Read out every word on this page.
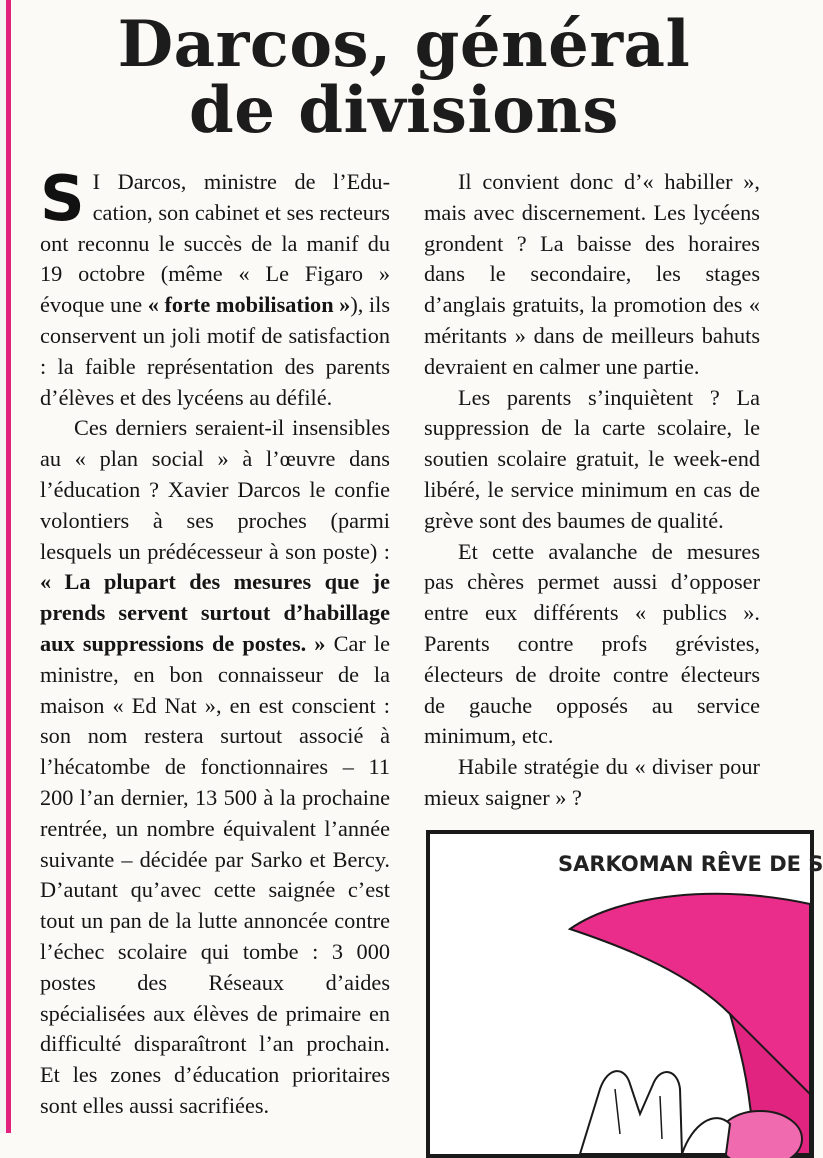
Darcos, général
de divisions

S I Darcos, ministre de l’Education, son cabinet et ses recteurs ont reconnu le succès de la manif du 19 octobre (même « Le Figaro » évoque une « forte mobilisation »), ils conservent un joli motif de satisfaction : la faible représentation des parents d’élèves et des lycéens au défilé.

Ces derniers seraient-il insensibles au « plan social » à l’œuvre dans l’éducation ? Xavier Darcos le confie volontiers à ses proches (parmi lesquels un prédécesseur à son poste) : « La plupart des mesures que je prends servent surtout d’habillage aux suppressions de postes. » Car le ministre, en bon connaisseur de la maison « Ed Nat », en est conscient : son nom restera surtout associé à l’hécatombe de fonctionnaires – 11 200 l’an dernier, 13 500 à la prochaine rentrée, un nombre équivalent l’année suivante – décidée par Sarko et Bercy. D’autant qu’avec cette saignée c’est tout un pan de la lutte annoncée contre l’échec scolaire qui tombe : 3 000 postes des Réseaux d’aides spécialisées aux élèves de primaire en difficulté disparaîtront l’an prochain. Et les zones d’éducation prioritaires sont elles aussi sacrifiées.

Il convient donc d’« habiller », mais avec discernement. Les lycéens grondent ? La baisse des horaires dans le secondaire, les stages d’anglais gratuits, la promotion des « méritants » dans de meilleurs bahuts devraient en calmer une partie.

Les parents s’inquiètent ? La suppression de la carte scolaire, le soutien scolaire gratuit, le week-end libéré, le service minimum en cas de grève sont des baumes de qualité.

Et cette avalanche de mesures pas chères permet aussi d’opposer entre eux différents « publics ». Parents contre profs grévistes, électeurs de droite contre électeurs de gauche opposés au service minimum, etc.

Habile stratégie du « diviser pour mieux saigner » ?

SARKOMAN RÊVE DE S
